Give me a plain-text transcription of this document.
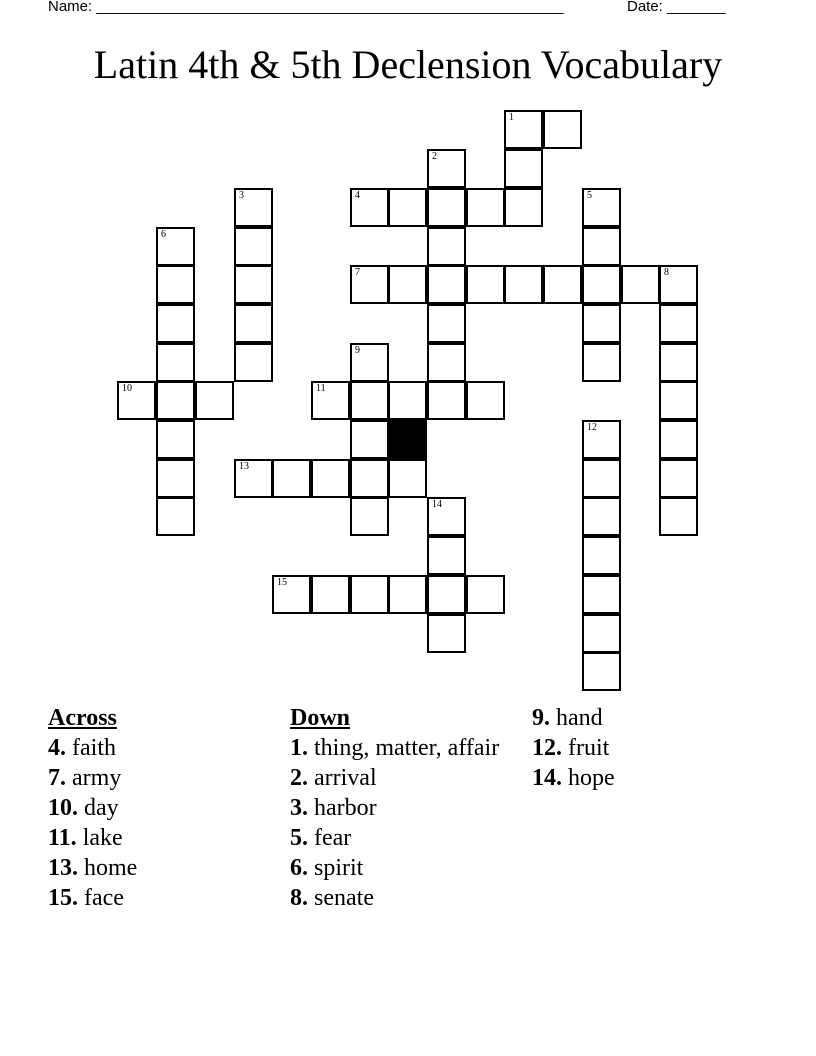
Name: ________________________________________________________	Date: _______
Latin 4th & 5th Declension Vocabulary
1
2
3	4	5
6
7	8
9
10	11
12
13
14
15
Across
4. faith
7. army
10. day
11. lake
13. home
15. face
Down
1. thing, matter, affair
2. arrival
3. harbor
5. fear
6. spirit
8. senate
9. hand
12. fruit
14. hope
